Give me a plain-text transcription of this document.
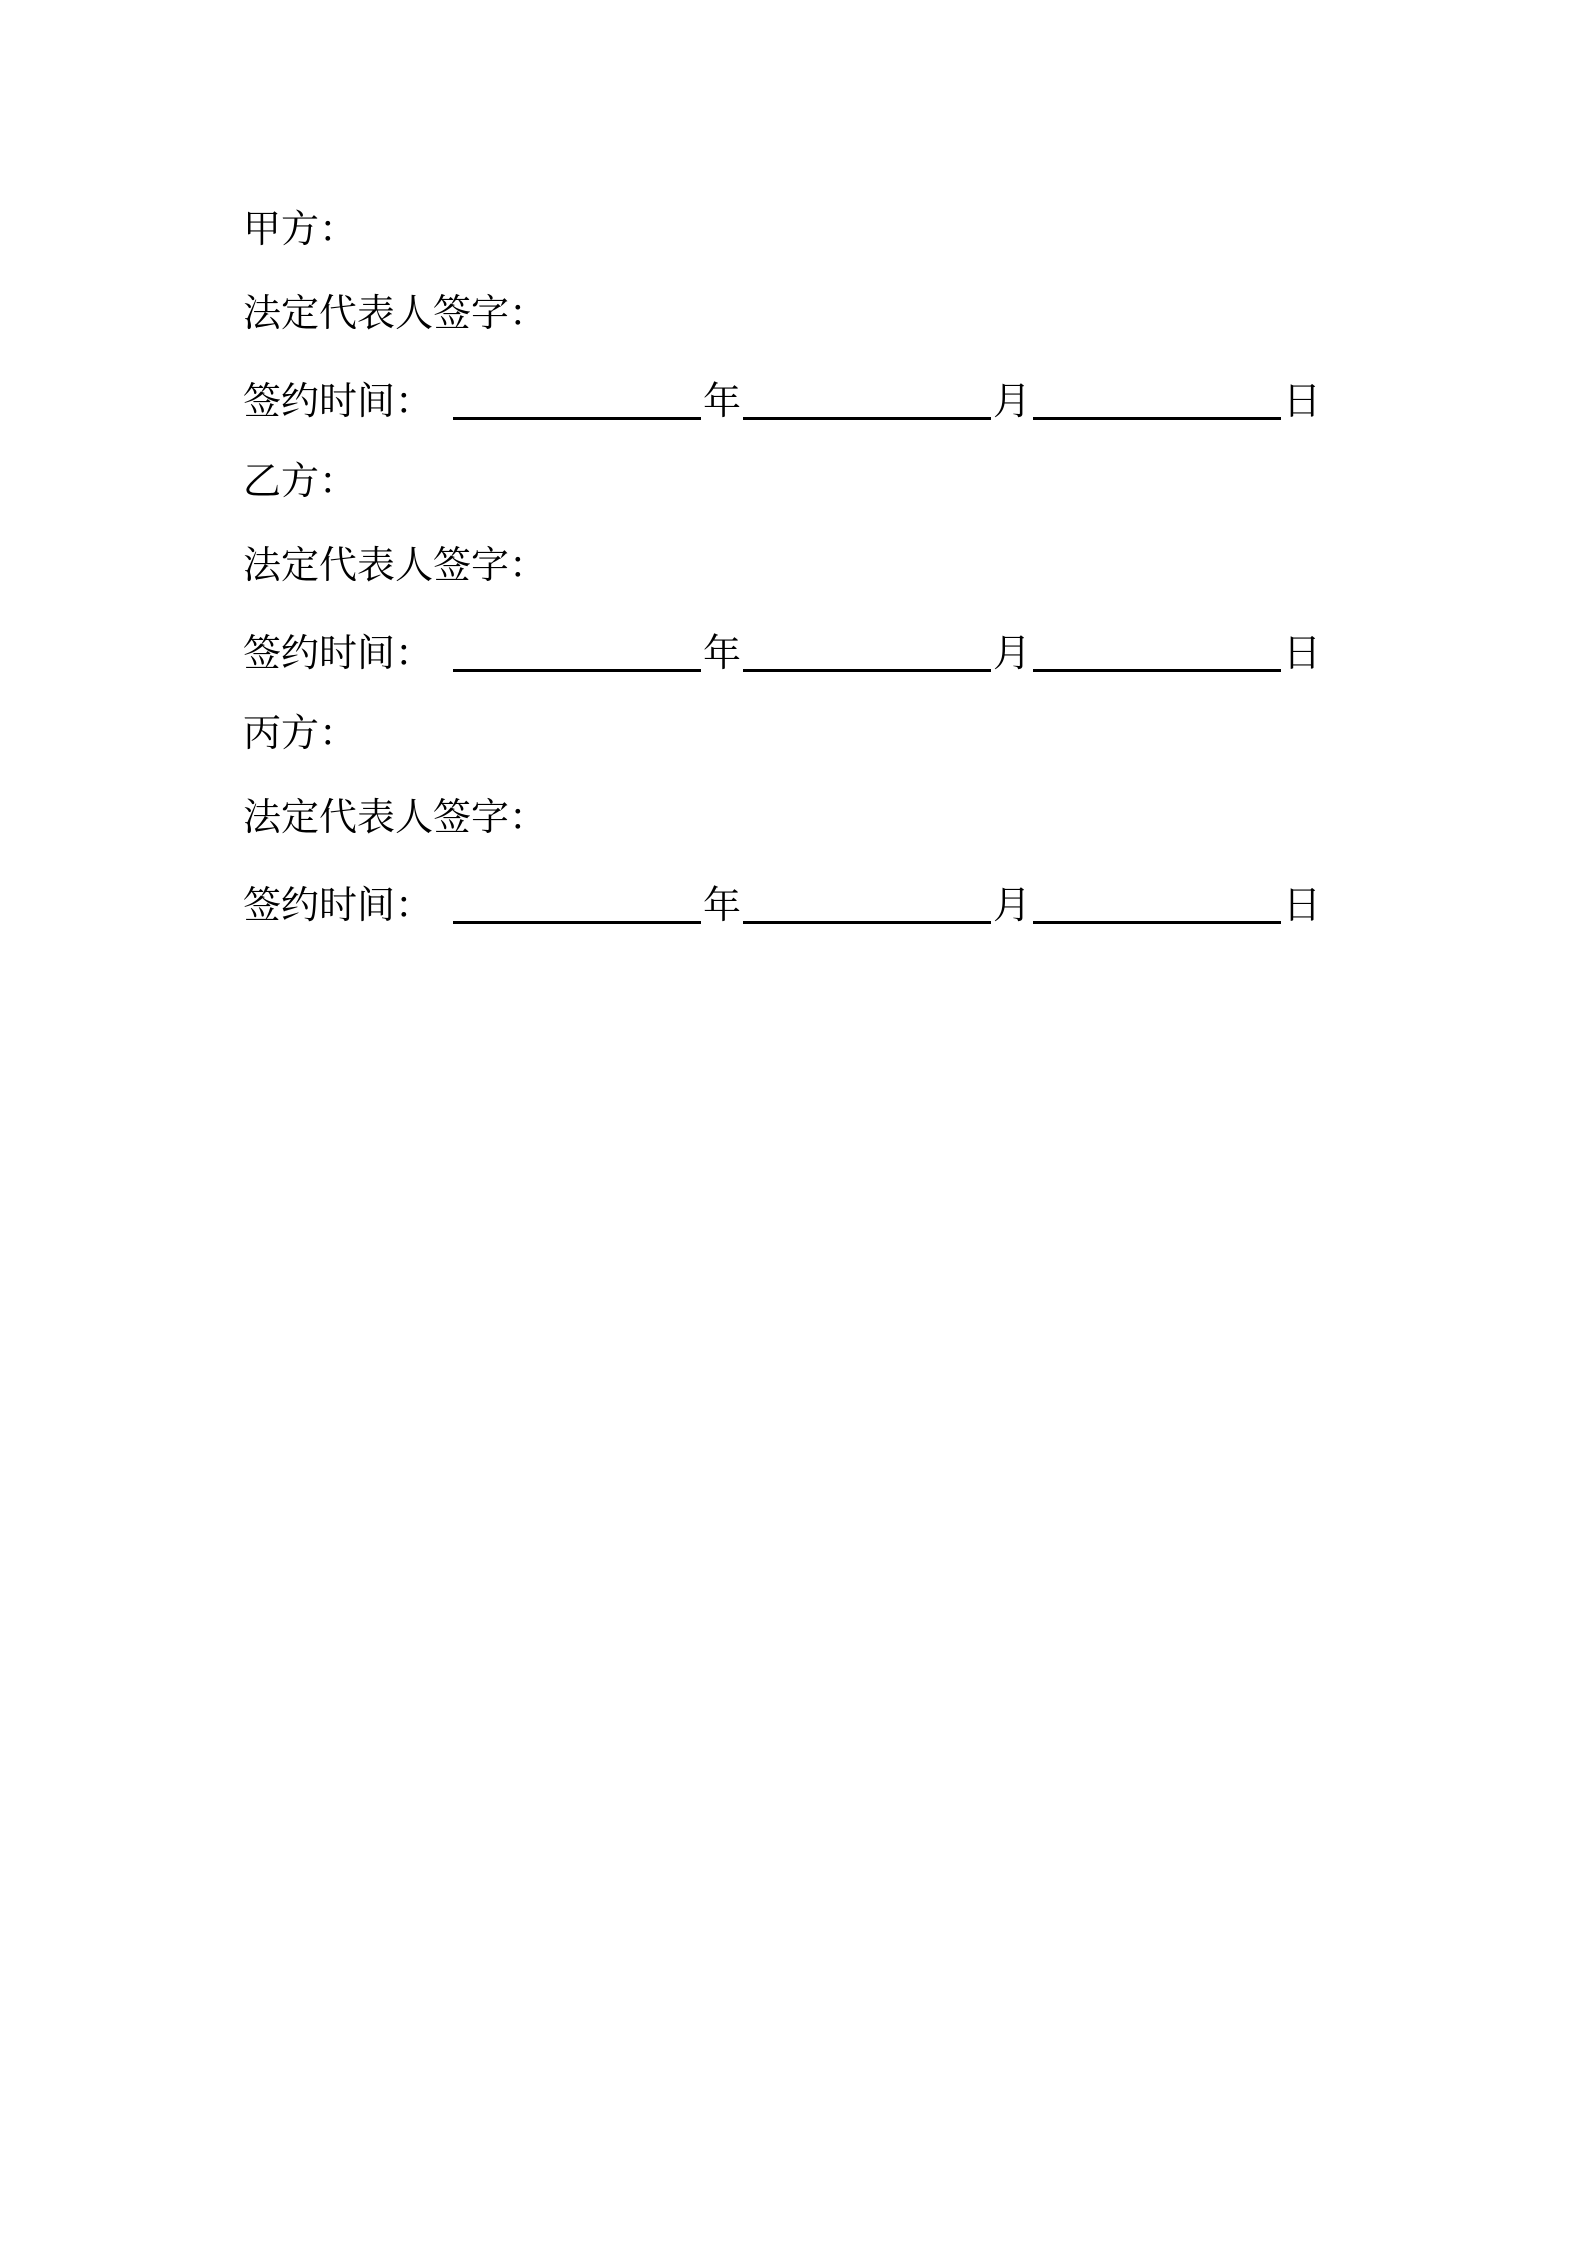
甲方：
法定代表人签字：
签约时间：	年	月	日
乙方：
法定代表人签字：
签约时间：	年	月	日
丙方：
法定代表人签字：
签约时间：	年	月	日
